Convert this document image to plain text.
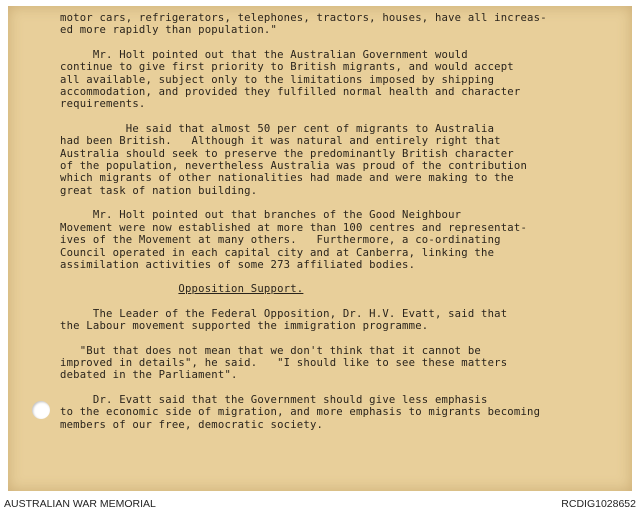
motor cars, refrigerators, telephones, tractors, houses, have all increas-

ed more rapidly than population."

Mr. Holt pointed out that the Australian Government would

continue to give first priority to British migrants, and would accept

all available, subject only to the limitations imposed by shipping

accommodation, and provided they fulfilled normal health and character

requirements.

He said that almost 50 per cent of migrants to Australia

had been British.   Although it was natural and entirely right that

Australia should seek to preserve the predominantly British character

of the population, nevertheless Australia was proud of the contribution

which migrants of other nationalities had made and were making to the

great task of nation building.

Mr. Holt pointed out that branches of the Good Neighbour

Movement were now established at more than 100 centres and representat-

ives of the Movement at many others.   Furthermore, a co-ordinating

Council operated in each capital city and at Canberra, linking the

assimilation activities of some 273 affiliated bodies.

Opposition Support.

The Leader of the Federal Opposition, Dr. H.V. Evatt, said that

the Labour movement supported the immigration programme.

"But that does not mean that we don't think that it cannot be

improved in details", he said.   "I should like to see these matters

debated in the Parliament".

Dr. Evatt said that the Government should give less emphasis

to the economic side of migration, and more emphasis to migrants becoming

members of our free, democratic society.

AUSTRALIAN WAR MEMORIAL	RCDIG1028652
